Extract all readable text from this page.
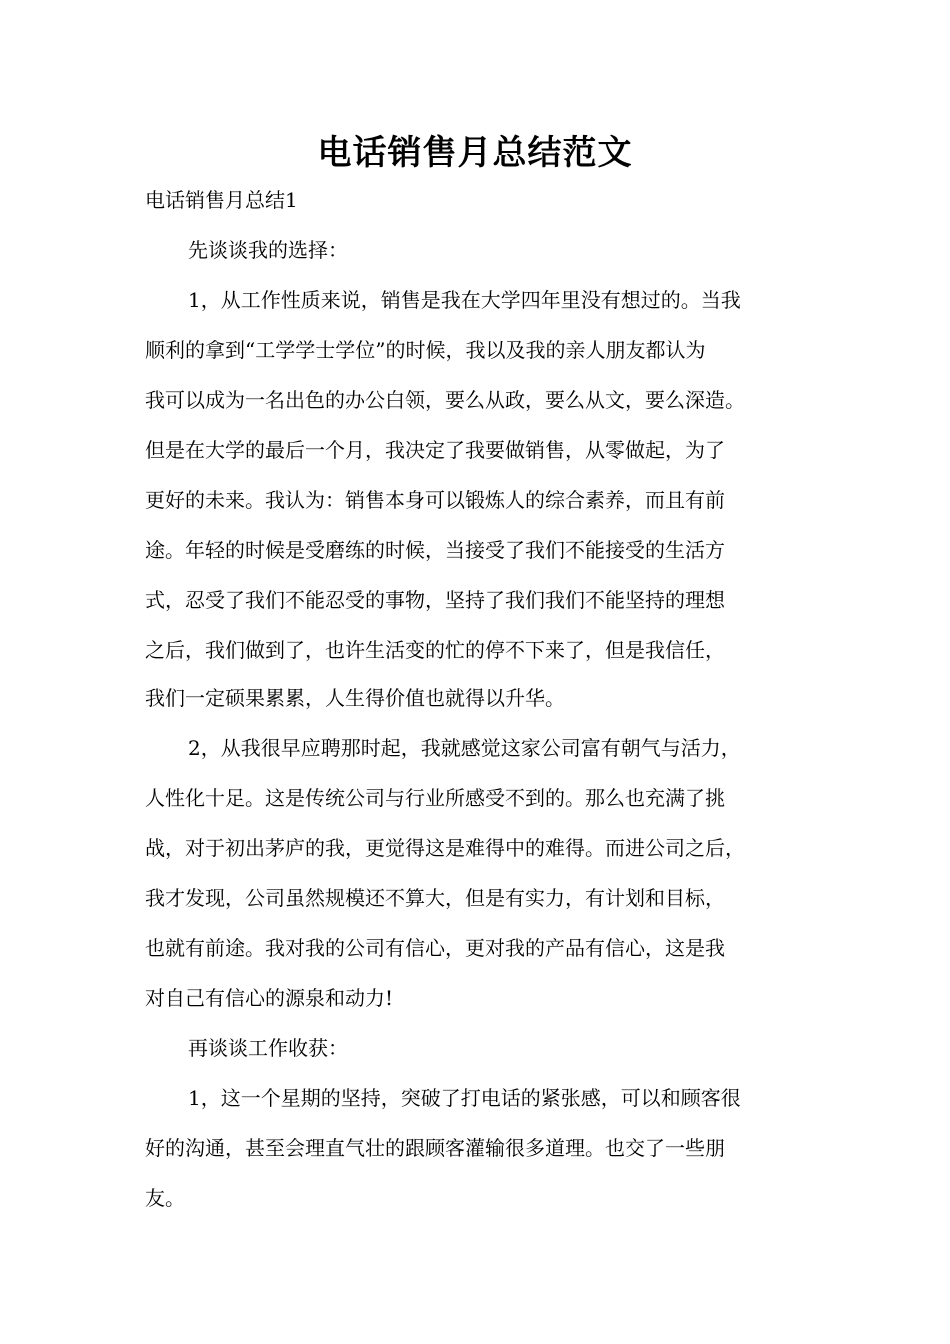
电话销售月总结范文
电话销售月总结1
先谈谈我的选择：
1，从工作性质来说，销售是我在大学四年里没有想过的。当我
顺利的拿到“工学学士学位”的时候，我以及我的亲人朋友都认为
我可以成为一名出色的办公白领，要么从政，要么从文，要么深造。
但是在大学的最后一个月，我决定了我要做销售，从零做起，为了
更好的未来。我认为：销售本身可以锻炼人的综合素养，而且有前
途。年轻的时候是受磨练的时候，当接受了我们不能接受的生活方
式，忍受了我们不能忍受的事物，坚持了我们我们不能坚持的理想
之后，我们做到了，也许生活变的忙的停不下来了，但是我信任，
我们一定硕果累累，人生得价值也就得以升华。
2，从我很早应聘那时起，我就感觉这家公司富有朝气与活力，
人性化十足。这是传统公司与行业所感受不到的。那么也充满了挑
战，对于初出茅庐的我，更觉得这是难得中的难得。而进公司之后，
我才发现，公司虽然规模还不算大，但是有实力，有计划和目标，
也就有前途。我对我的公司有信心，更对我的产品有信心，这是我
对自己有信心的源泉和动力!
再谈谈工作收获：
1，这一个星期的坚持，突破了打电话的紧张感，可以和顾客很
好的沟通，甚至会理直气壮的跟顾客灌输很多道理。也交了一些朋
友。
